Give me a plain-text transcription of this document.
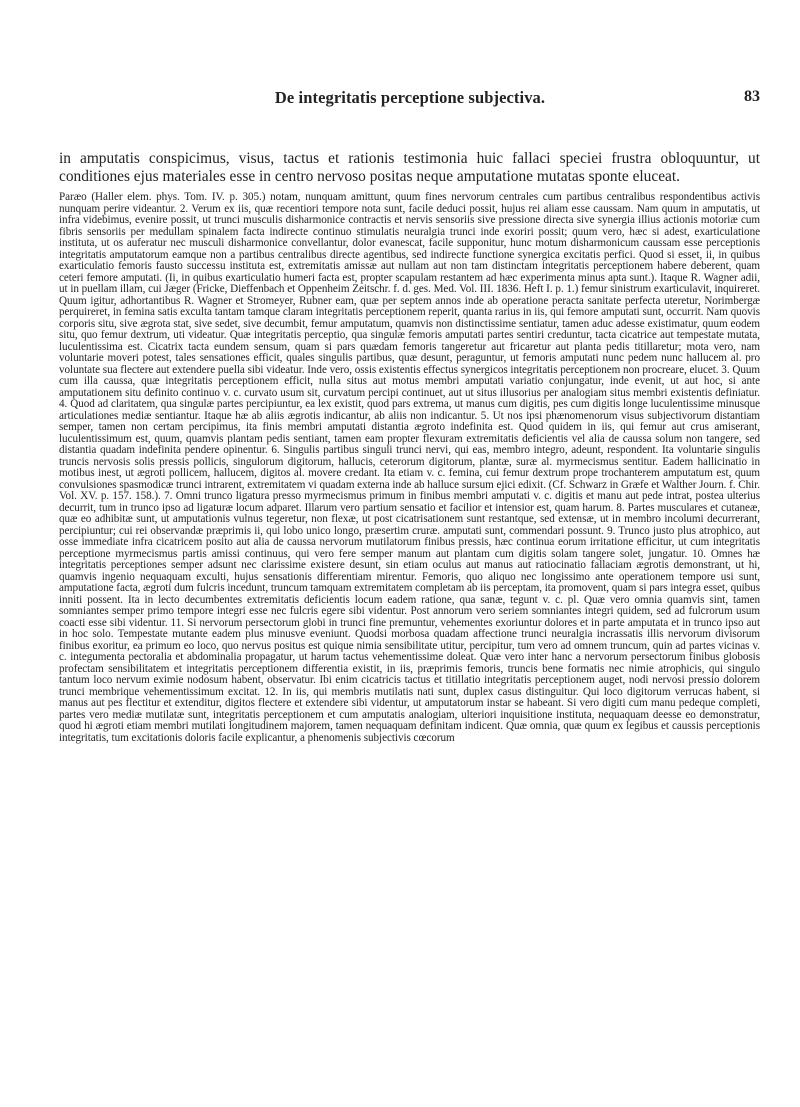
De integritatis perceptione subjectiva.	83
in amputatis conspicimus, visus, tactus et rationis testimonia huic fallaci speciei frustra obloquuntur, ut conditiones ejus materiales esse in centro nervoso positas neque amputatione mutatas sponte eluceat.

Paræo (Haller elem. phys. Tom. IV. p. 305.) notam, nunquam amittunt, quum fines nervorum centrales cum partibus centralibus respondentibus activis nunquam perire videantur. 2. Verum ex iis, quæ recentiori tempore nota sunt, facile deduci possit, hujus rei aliam esse caussam. Nam quum in amputatis, ut infra videbimus, evenire possit, ut trunci musculis disharmonice contractis et nervis sensoriis sive pressione directa sive synergia illius actionis motoriæ cum fibris sensoriis per medullam spinalem facta indirecte continuo stimulatis neuralgia trunci inde exoriri possit; quum vero, hæc si adest, exarticulatione instituta, ut os auferatur nec musculi disharmonice convellantur, dolor evanescat, facile supponitur, hunc motum disharmonicum caussam esse perceptionis integritatis amputatorum eamque non a partibus centralibus directe agentibus, sed indirecte functione synergica excitatis perfici. Quod si esset, ii, in quibus exarticulatio femoris fausto successu instituta est, extremitatis amissæ aut nullam aut non tam distinctam integritatis perceptionem habere deberent, quam ceteri femore amputati. (Ii, in quibus exarticulatio humeri facta est, propter scapulam restantem ad hæc experimenta minus apta sunt.). Itaque R. Wagner adii, ut in puellam illam, cui Jæger (Fricke, Dieffenbach et Oppenheim Zeitschr. f. d. ges. Med. Vol. III. 1836. Heft I. p. 1.) femur sinistrum exarticulavit, inquireret. Quum igitur, adhortantibus R. Wagner et Stromeyer, Rubner eam, quæ per septem annos inde ab operatione peracta sanitate perfecta uteretur, Norimbergæ perquireret, in femina satis exculta tantam tamque claram integritatis perceptionem reperit, quanta rarius in iis, qui femore amputati sunt, occurrit. Nam quovis corporis situ, sive ægrota stat, sive sedet, sive decumbit, femur amputatum, quamvis non distinctissime sentiatur, tamen aduc adesse existimatur, quum eodem situ, quo femur dextrum, uti videatur. Quæ integritatis perceptio, qua singulæ femoris amputati partes sentiri creduntur, tacta cicatrice aut tempestate mutata, luculentissima est. Cicatrix tacta eundem sensum, quam si pars quædam femoris tangeretur aut fricaretur aut planta pedis titillaretur; mota vero, nam voluntarie moveri potest, tales sensationes efficit, quales singulis partibus, quæ desunt, peraguntur, ut femoris amputati nunc pedem nunc hallucem al. pro voluntate sua flectere aut extendere puella sibi videatur. Inde vero, ossis existentis effectus synergicos integritatis perceptionem non procreare, elucet. 3. Quum cum illa caussa, quæ integritatis perceptionem efficit, nulla situs aut motus membri amputati variatio conjungatur, inde evenit, ut aut hoc, si ante amputationem situ definito continuo v. c. curvato usum sit, curvatum percipi continuet, aut ut situs illusorius per analogiam situs membri existentis definiatur. 4. Quod ad claritatem, qua singulæ partes percipiuntur, ea lex existit, quod pars extrema, ut manus cum digitis, pes cum digitis longe luculentissime minusque articulationes mediæ sentiantur. Itaque hæ ab aliis ægrotis indicantur, ab aliis non indicantur. 5. Ut nos ipsi phænomenorum visus subjectivorum distantiam semper, tamen non certam percipimus, ita finis membri amputati distantia ægroto indefinita est. Quod quidem in iis, qui femur aut crus amiserant, luculentissimum est, quum, quamvis plantam pedis sentiant, tamen eam propter flexuram extremitatis deficientis vel alia de caussa solum non tangere, sed distantia quadam indefinita pendere opinentur. 6. Singulis partibus singuli trunci nervi, qui eas, membro integro, adeunt, respondent. Ita voluntarie singulis truncis nervosis solis pressis pollicis, singulorum digitorum, hallucis, ceterorum digitorum, plantæ, suræ al. myrmecismus sentitur. Eadem hallicinatio in motibus inest, ut ægroti pollicem, hallucem, digitos al. movere credant. Ita etiam v. c. femina, cui femur dextrum prope trochanterem amputatum est, quum convulsiones spasmodicæ trunci intrarent, extremitatem vi quadam externa inde ab halluce sursum ejici edixit. (Cf. Schwarz in Græfe et Walther Journ. f. Chir. Vol. XV. p. 157. 158.). 7. Omni trunco ligatura presso myrmecismus primum in finibus membri amputati v. c. digitis et manu aut pede intrat, postea ulterius decurrit, tum in trunco ipso ad ligaturæ locum adparet. Illarum vero partium sensatio et facilior et intensior est, quam harum. 8. Partes musculares et cutaneæ, quæ eo adhibitæ sunt, ut amputationis vulnus tegeretur, non flexæ, ut post cicatrisationem sunt restantque, sed extensæ, ut in membro incolumi decurrerant, percipiuntur; cui rei observandæ præprimis ii, qui lobo unico longo, præsertim cruræ. amputati sunt, commendari possunt. 9. Trunco justo plus atrophico, aut osse immediate infra cicatricem posito aut alia de caussa nervorum mutilatorum finibus pressis, hæc continua eorum irritatione efficitur, ut cum integritatis perceptione myrmecismus partis amissi continuus, qui vero fere semper manum aut plantam cum digitis solam tangere solet, jungatur. 10. Omnes hæ integritatis perceptiones semper adsunt nec clarissime existere desunt, sin etiam oculus aut manus aut ratiocinatio fallaciam ægrotis demonstrant, ut hi, quamvis ingenio nequaquam exculti, hujus sensationis differentiam mirentur. Femoris, quo aliquo nec longissimo ante operationem tempore usi sunt, amputatione facta, ægroti dum fulcris incedunt, truncum tamquam extremitatem completam ab iis perceptam, ita promovent, quam si pars integra esset, quibus inniti possent. Ita in lecto decumbentes extremitatis deficientis locum eadem ratione, qua sanæ, tegunt v. c. pl. Quæ vero omnia quamvis sint, tamen somniantes semper primo tempore integri esse nec fulcris egere sibi videntur. Post annorum vero seriem somniantes integri quidem, sed ad fulcrorum usum coacti esse sibi videntur. 11. Si nervorum persectorum globi in trunci fine premuntur, vehementes exoriuntur dolores et in parte amputata et in trunco ipso aut in hoc solo. Tempestate mutante eadem plus minusve eveniunt. Quodsi morbosa quadam affectione trunci neuralgia incrassatis illis nervorum divisorum finibus exoritur, ea primum eo loco, quo nervus positus est quique nimia sensibilitate utitur, percipitur, tum vero ad omnem truncum, quin ad partes vicinas v. c. integumenta pectoralia et abdominalia propagatur, ut harum tactus vehementissime doleat. Quæ vero inter hanc a nervorum persectorum finibus globosis profectam sensibilitatem et integritatis perceptionem differentia existit, in iis, præprimis femoris, truncis bene formatis nec nimie atrophicis, qui singulo tantum loco nervum eximie nodosum habent, observatur. Ibi enim cicatricis tactus et titillatio integritatis perceptionem auget, nodi nervosi pressio dolorem trunci membrique vehementissimum excitat. 12. In iis, qui membris mutilatis nati sunt, duplex casus distinguitur. Qui loco digitorum verrucas habent, si manus aut pes flectitur et extenditur, digitos flectere et extendere sibi videntur, ut amputatorum instar se habeant. Si vero digiti cum manu pedeque completi, partes vero mediæ mutilatæ sunt, integritatis perceptionem et cum amputatis analogiam, ulteriori inquisitione instituta, nequaquam deesse eo demonstratur, quod hi ægroti etiam membri mutilati longitudinem majorem, tamen nequaquam definitam indicent. Quæ omnia, quæ quum ex legibus et caussis perceptionis integritatis, tum excitationis doloris facile explicantur, a phenomenis subjectivis cœcorum
